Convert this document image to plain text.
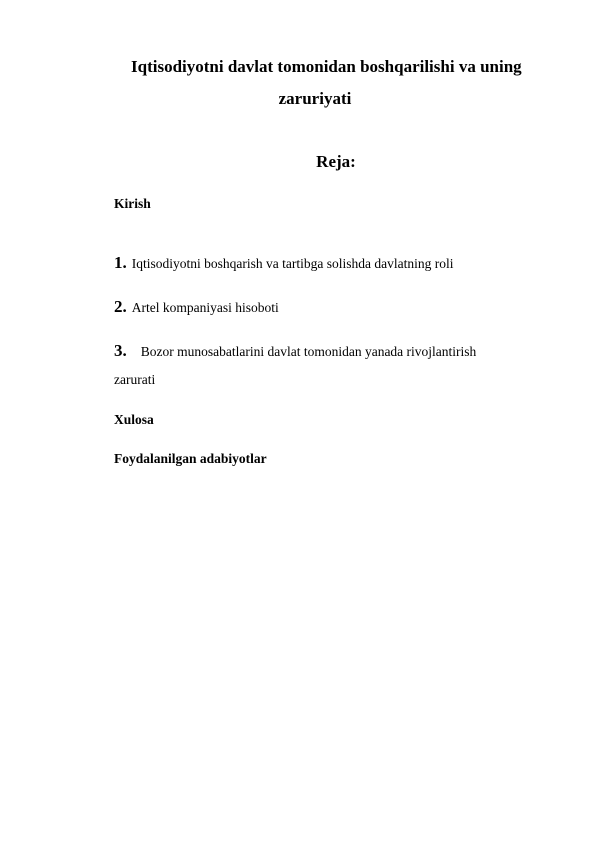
Iqtisodiyotni davlat tomonidan boshqarilishi va uning

zaruriyati

Reja:

Kirish

1. Iqtisodiyotni boshqarish va tartibga solishda davlatning roli

2. Artel kompaniyasi hisoboti

3. Bozor munosabatlarini davlat tomonidan yanada rivojlantirish

zarurati

Xulosa

Foydalanilgan adabiyotlar
